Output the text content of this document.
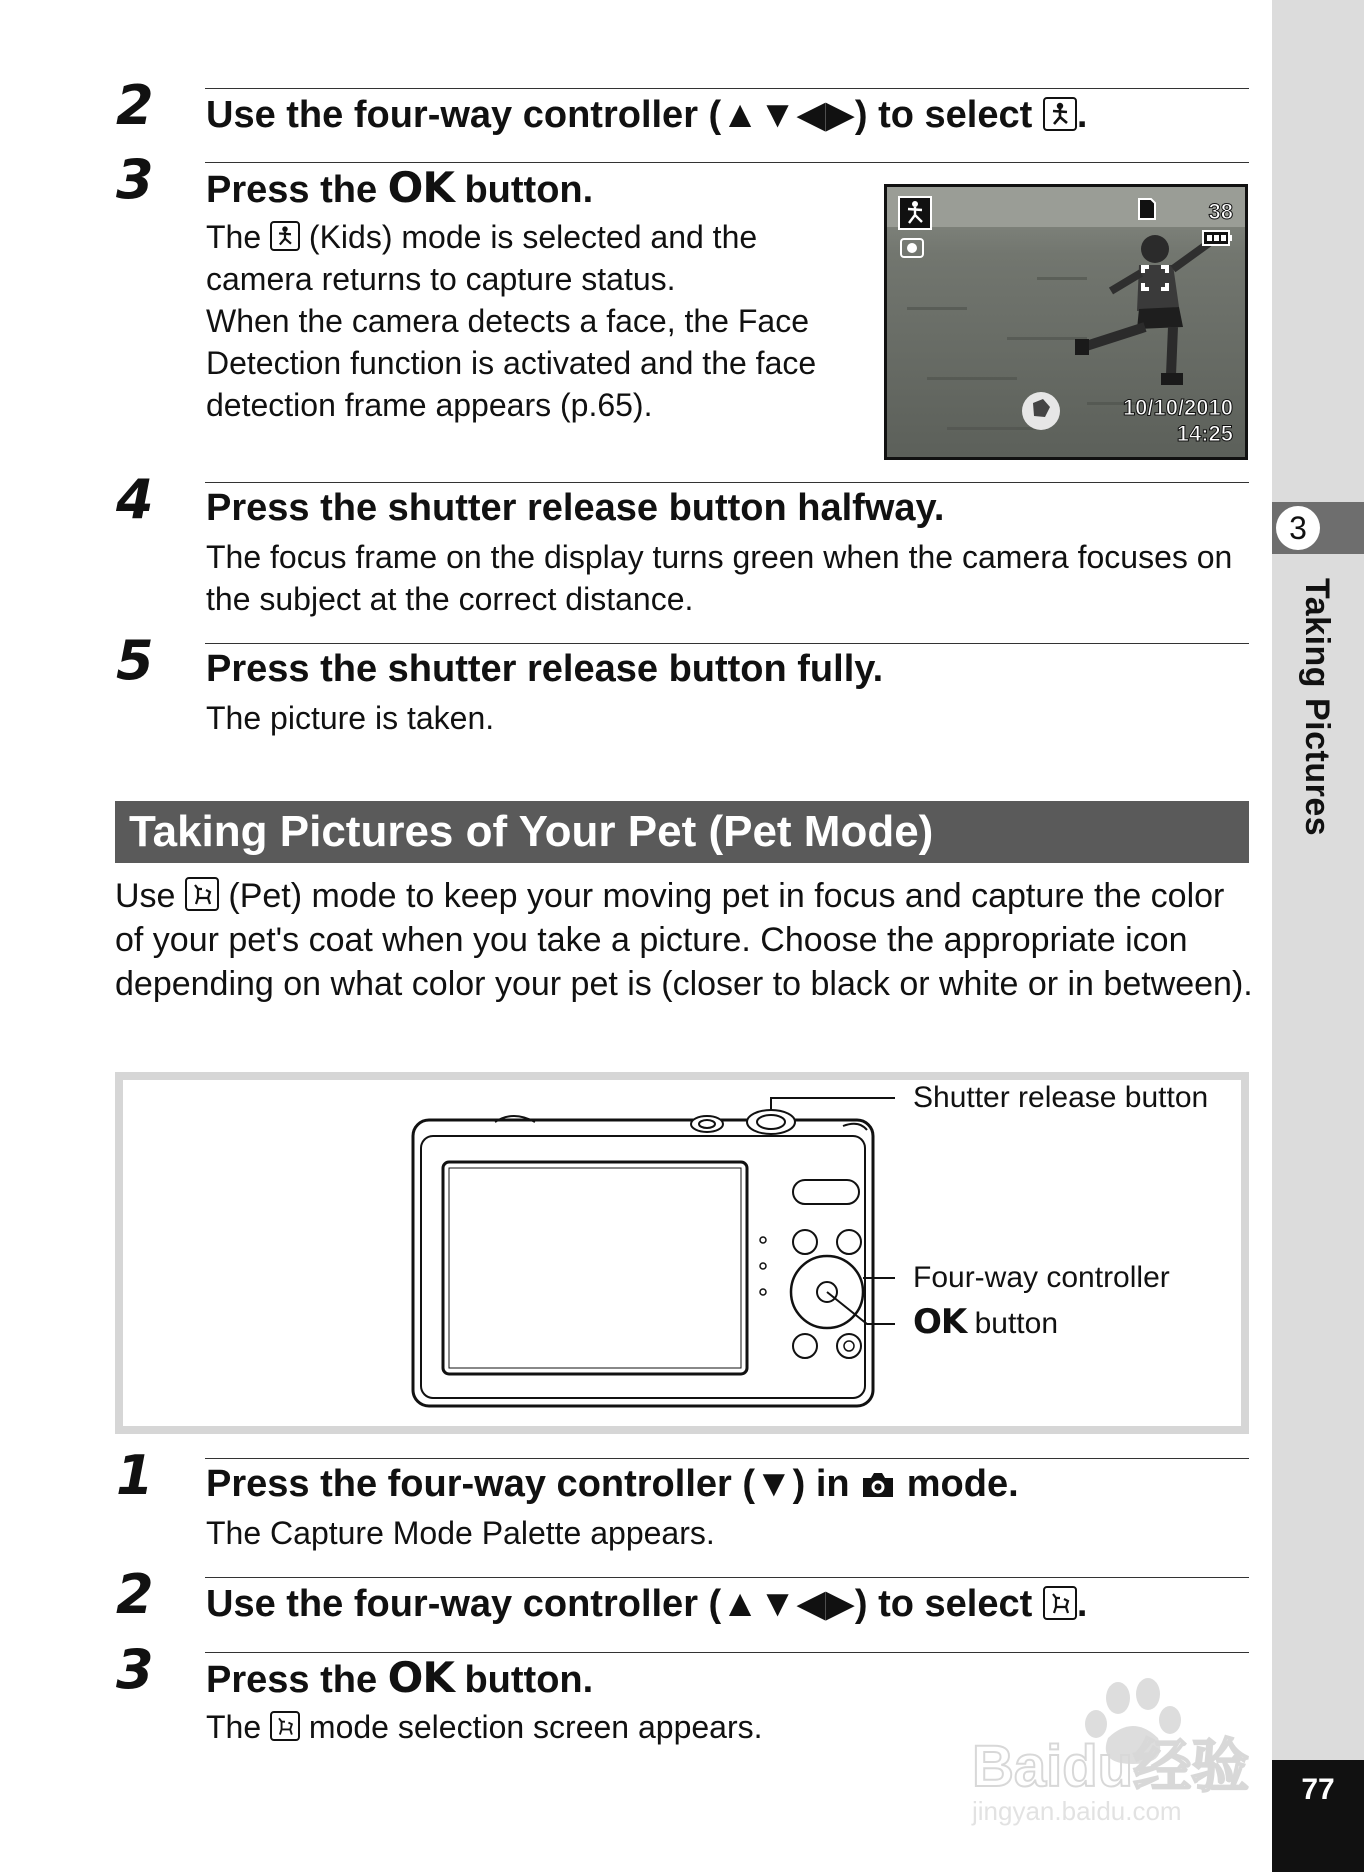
3
Taking Pictures
77
2	Use the four-way controller (▲▼◀▶) to select
.
3	Press the OK button.
The
(Kids) mode is selected and the camera returns to capture status.
When the camera detects a face, the Face Detection function is activated and the face detection frame appears (p.65).
38
10/10/2010
14:25
4	Press the shutter release button halfway.
The focus frame on the display turns green when the camera focuses on the subject at the correct distance.
5	Press the shutter release button fully.
The picture is taken.
Taking Pictures of Your Pet (Pet Mode)
Use
(Pet) mode to keep your moving pet in focus and capture the color of your pet's coat when you take a picture. Choose the appropriate icon depending on what color your pet is (closer to black or white or in between).
Shutter release button
Four-way controller
OK button
1	Press the four-way controller (▼) in  mode.
The Capture Mode Palette appears.
2	Use the four-way controller (▲▼◀▶) to select
.
3	Press the OK button.
The
mode selection screen appears.
Baidu经验
jingyan.baidu.com
